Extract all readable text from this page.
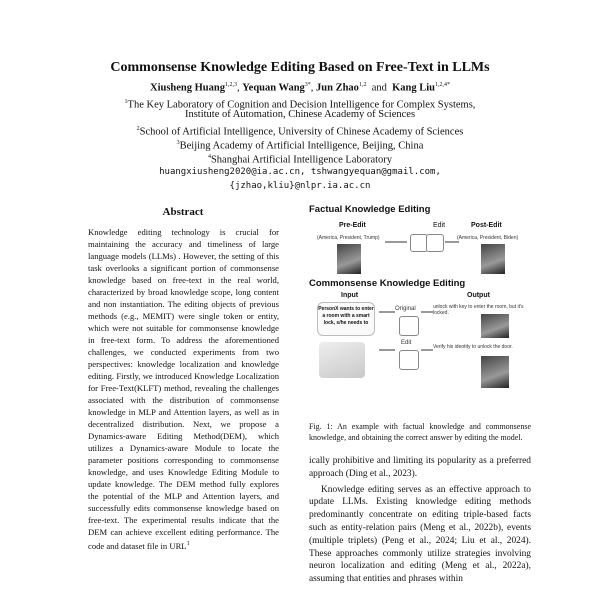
Commonsense Knowledge Editing Based on Free-Text in LLMs
Xiusheng Huang$^{1,2,3}$, Yequan Wang$^{3*}$, Jun Zhao$^{1,2}$ and Kang Liu$^{1,2,4*}$
$^1$The Key Laboratory of Cognition and Decision Intelligence for Complex Systems,
Institute of Automation, Chinese Academy of Sciences
$^2$School of Artificial Intelligence, University of Chinese Academy of Sciences
$^3$Beijing Academy of Artificial Intelligence, Beijing, China
$^4$Shanghai Artificial Intelligence Laboratory
huangxiusheng2020@ia.ac.cn, tshwangyequan@gmail.com,
{jzhao,kliu}@nlpr.ia.ac.cn
Abstract
Knowledge editing technology is crucial for maintaining the accuracy and timeliness of large language models (LLMs) . However, the setting of this task overlooks a significant portion of commonsense knowledge based on free-text in the real world, characterized by broad knowledge scope, long content and non instantiation. The editing objects of previous methods (e.g., MEMIT) were single token or entity, which were not suitable for commonsense knowledge in free-text form. To address the aforementioned challenges, we conducted experiments from two perspectives: knowledge localization and knowledge editing. Firstly, we introduced Knowledge Localization for Free-Text(KLFT) method, revealing the challenges associated with the distribution of commonsense knowledge in MLP and Attention layers, as well as in decentralized distribution. Next, we propose a Dynamics-aware Editing Method(DEM), which utilizes a Dynamics-aware Module to locate the parameter positions corresponding to commonsense knowledge, and uses Knowledge Editing Module to update knowledge. The DEM method fully explores the potential of the MLP and Attention layers, and successfully edits commonsense knowledge based on free-text. The experimental results indicate that the DEM can achieve excellent editing performance. The code and dataset file in URL$^1$
Factual Knowledge Editing
Pre-Edit	Edit	Post-Edit
(America, President, Trump)	(America, President, Biden)
Commonsense Knowledge Editing
Input	Output
PersonX wants to enter a room with a smart lock, s/he needs to
Original	unlock with key to enter the room, but it's locked.
Edit
Verify his identity to unlock the door.
Fig. 1: An example with factual knowledge and commonsense knowledge, and obtaining the correct answer by editing the model.

ically prohibitive and limiting its popularity as a preferred approach (Ding et al., 2023).

Knowledge editing serves as an effective approach to update LLMs. Existing knowledge editing methods predominantly concentrate on editing triple-based facts such as entity-relation pairs (Meng et al., 2022b), events (multiple triplets) (Peng et al., 2024; Liu et al., 2024). These approaches commonly utilize strategies involving neuron localization and editing (Meng et al., 2022a), assuming that entities and phrases within
